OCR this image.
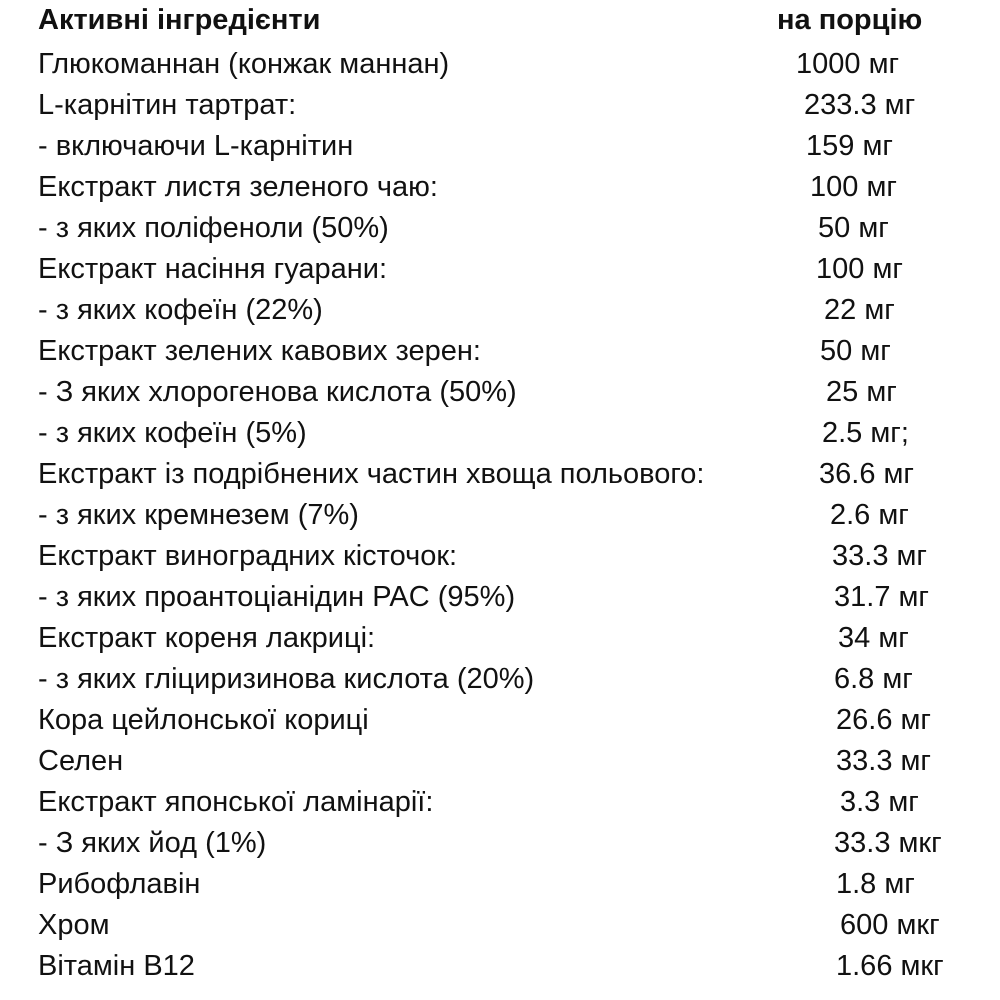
Активні інгредієнти	на порцію
Глюкоманнан (конжак маннан)	1000 мг
L-карнітин тартрат:	233.3 мг
- включаючи L-карнітин	159 мг
Екстракт листя зеленого чаю:	100 мг
- з яких поліфеноли (50%)	50 мг
Екстракт насіння гуарани:	100 мг
- з яких кофеїн (22%)	22 мг
Екстракт зелених кавових зерен:	50 мг
- З яких хлорогенова кислота (50%)	25 мг
- з яких кофеїн (5%)	2.5 мг;
Екстракт із подрібнених частин хвоща польового:	36.6 мг
- з яких кремнезем (7%)	2.6 мг
Екстракт виноградних кісточок:	33.3 мг
- з яких проантоціанідин PAC (95%)	31.7 мг
Екстракт кореня лакриці:	34 мг
- з яких гліциризинова кислота (20%)	6.8 мг
Кора цейлонської кориці	26.6 мг
Селен	33.3 мг
Екстракт японської ламінарії:	3.3 мг
- З яких йод (1%)	33.3 мкг
Рибофлавін	1.8 мг
Хром	600 мкг
Вітамін B12	1.66 мкг
